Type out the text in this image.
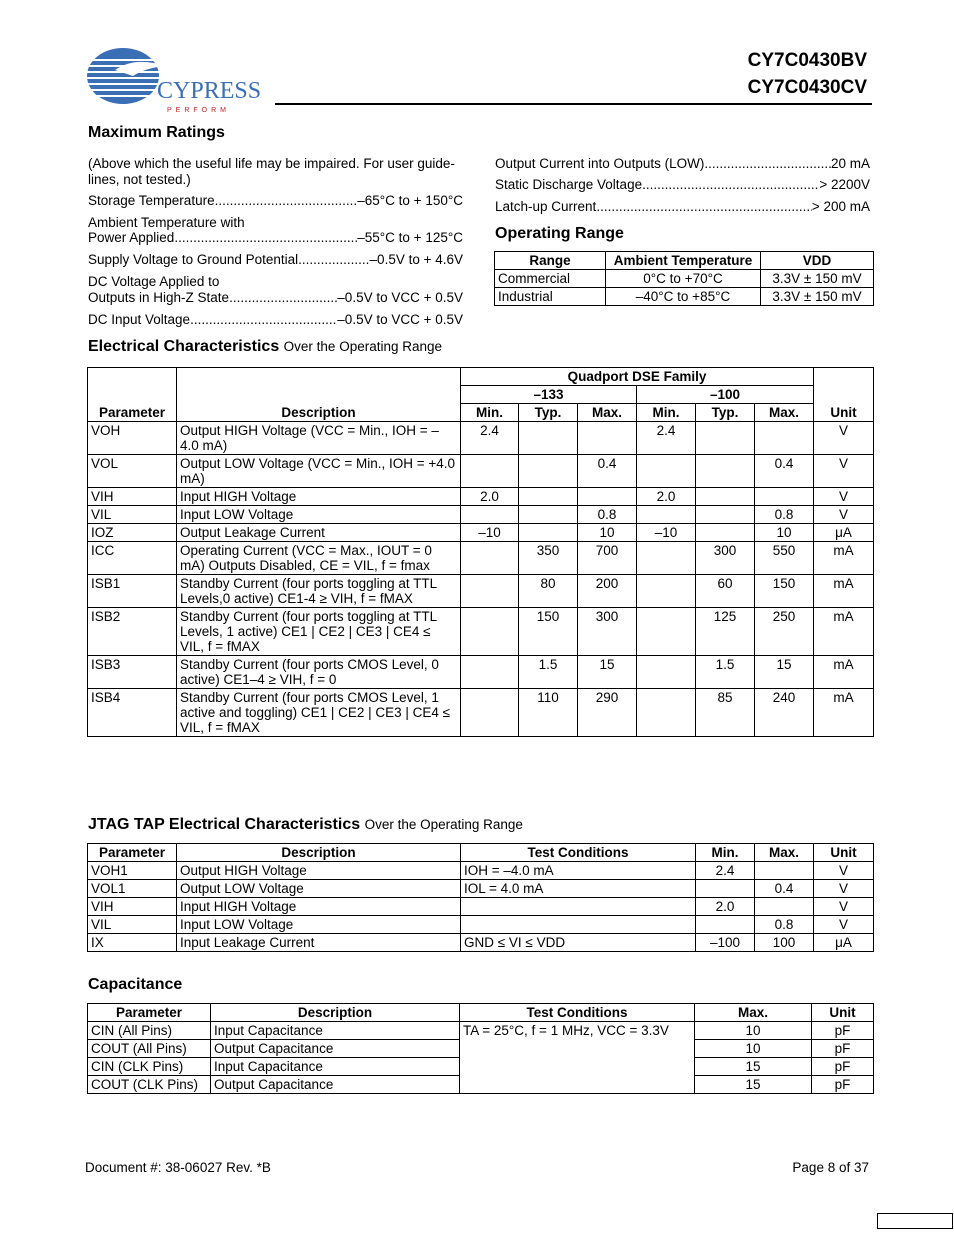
CYPRESS
PERFORM
CY7C0430BV
CY7C0430CV
Maximum Ratings
(Above which the useful life may be impaired. For user guide-lines, not tested.)
Storage Temperature .....	–65°C to + 150°C
Ambient Temperature with
Power Applied .....	–55°C to + 125°C
Supply Voltage to Ground Potential .....	–0.5V to + 4.6V
DC Voltage Applied to
Outputs in High-Z State .....	–0.5V to VCC + 0.5V
DC Input Voltage .....	–0.5V to VCC + 0.5V
Output Current into Outputs (LOW) .....	20 mA
Static Discharge Voltage .....	> 2200V
Latch-up Current .....	> 200 mA
Operating Range
Range	Ambient Temperature	VDD
Commercial	0°C to +70°C	3.3V ± 150 mV
Industrial	–40°C to +85°C	3.3V ± 150 mV
Electrical Characteristics Over the Operating Range
Parameter	Description	Quadport DSE Family						Unit
		–133			–100			
		Min.	Typ.	Max.	Min.	Typ.	Max.	
VOH	Output HIGH Voltage (VCC = Min., IOH = –4.0 mA)	2.4			2.4			V
VOL	Output LOW Voltage (VCC = Min., IOH = +4.0 mA)			0.4			0.4	V
VIH	Input HIGH Voltage	2.0			2.0			V
VIL	Input LOW Voltage			0.8			0.8	V
IOZ	Output Leakage Current	–10		10	–10		10	μA
ICC	Operating Current (VCC = Max., IOUT = 0 mA) Outputs Disabled, CE = VIL, f = fmax		350	700		300	550	mA
ISB1	Standby Current (four ports toggling at TTL Levels,0 active) CE1-4 ≥ VIH, f = fMAX		80	200		60	150	mA
ISB2	Standby Current (four ports toggling at TTL Levels, 1 active) CE1 | CE2 | CE3 | CE4 ≤ VIL, f = fMAX		150	300		125	250	mA
ISB3	Standby Current (four ports CMOS Level, 0 active) CE1–4 ≥ VIH, f = 0		1.5	15		1.5	15	mA
ISB4	Standby Current (four ports CMOS Level, 1 active and toggling) CE1 | CE2 | CE3 | CE4 ≤ VIL, f = fMAX		110	290		85	240	mA
JTAG TAP Electrical Characteristics Over the Operating Range
Parameter	Description	Test Conditions	Min.	Max.	Unit
VOH1	Output HIGH Voltage	IOH = –4.0 mA	2.4		V
VOL1	Output LOW Voltage	IOL = 4.0 mA		0.4	V
VIH	Input HIGH Voltage		2.0		V
VIL	Input LOW Voltage			0.8	V
IX	Input Leakage Current	GND ≤ VI ≤ VDD	–100	100	μA
Capacitance
Parameter	Description	Test Conditions	Max.	Unit
CIN (All Pins)	Input Capacitance	TA = 25°C, f = 1 MHz, VCC = 3.3V	10	pF
COUT (All Pins)	Output Capacitance		10	pF
CIN (CLK Pins)	Input Capacitance		15	pF
COUT (CLK Pins)	Output Capacitance		15	pF
Document #: 38-06027 Rev. *B	Page 8 of 37
